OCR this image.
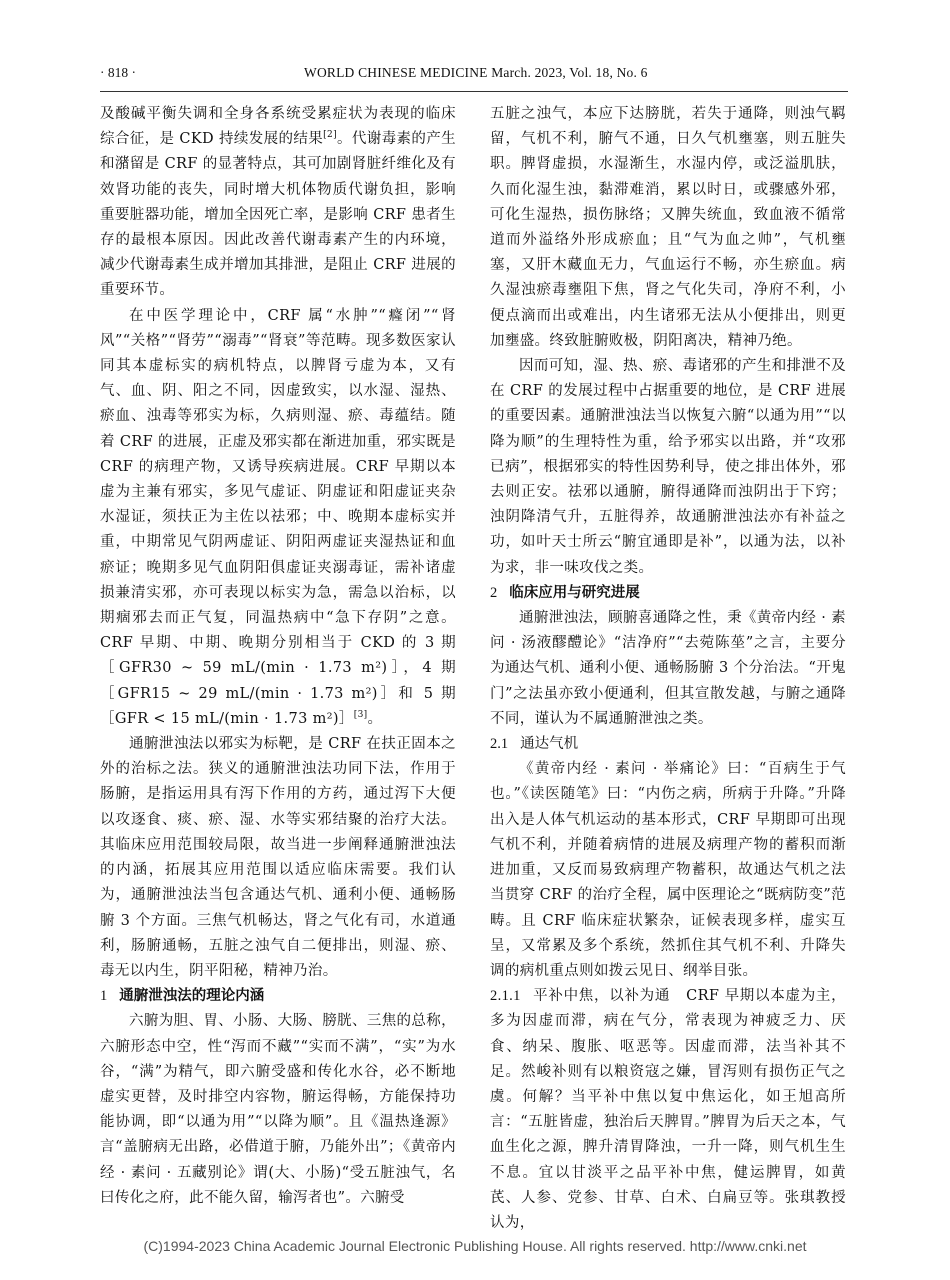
· 818 ·	WORLD CHINESE MEDICINE March. 2023, Vol. 18, No. 6

及酸碱平衡失调和全身各系统受累症状为表现的临床综合征，是 CKD 持续发展的结果[2]。代谢毒素的产生和潴留是 CRF 的显著特点，其可加剧肾脏纤维化及有效肾功能的丧失，同时增大机体物质代谢负担，影响重要脏器功能，增加全因死亡率，是影响 CRF 患者生存的最根本原因。因此改善代谢毒素产生的内环境，减少代谢毒素生成并增加其排泄，是阻止 CRF 进展的重要环节。

在中医学理论中，CRF 属“水肿”“癃闭”“肾风”“关格”“肾劳”“溺毒”“肾衰”等范畴。现多数医家认同其本虚标实的病机特点，以脾肾亏虚为本，又有气、血、阴、阳之不同，因虚致实，以水湿、湿热、瘀血、浊毒等邪实为标，久病则湿、瘀、毒蕴结。随着 CRF 的进展，正虚及邪实都在渐进加重，邪实既是 CRF 的病理产物，又诱导疾病进展。CRF 早期以本虚为主兼有邪实，多见气虚证、阴虚证和阳虚证夹杂水湿证，须扶正为主佐以祛邪；中、晚期本虚标实并重，中期常见气阴两虚证、阴阳两虚证夹湿热证和血瘀证；晚期多见气血阴阳俱虚证夹溺毒证，需补诸虚损兼清实邪，亦可表现以标实为急，需急以治标，以期痼邪去而正气复，同温热病中“急下存阴”之意。CRF 早期、中期、晚期分别相当于 CKD 的 3 期［GFR30 ~ 59 mL/(min · 1.73 m²)］，4 期［GFR15 ~ 29 mL/(min · 1.73 m²)］和 5 期［GFR < 15 mL/(min · 1.73 m²)］[3]。

通腑泄浊法以邪实为标靶，是 CRF 在扶正固本之外的治标之法。狭义的通腑泄浊法功同下法，作用于肠腑，是指运用具有泻下作用的方药，通过泻下大便以攻逐食、痰、瘀、湿、水等实邪结聚的治疗大法。其临床应用范围较局限，故当进一步阐释通腑泄浊法的内涵，拓展其应用范围以适应临床需要。我们认为，通腑泄浊法当包含通达气机、通利小便、通畅肠腑 3 个方面。三焦气机畅达，肾之气化有司，水道通利，肠腑通畅，五脏之浊气自二便排出，则湿、瘀、毒无以内生，阴平阳秘，精神乃治。

1 通腑泄浊法的理论内涵

六腑为胆、胃、小肠、大肠、膀胱、三焦的总称，六腑形态中空，性“泻而不藏”“实而不满”，“实”为水谷，“满”为精气，即六腑受盛和传化水谷，必不断地虚实更替，及时排空内容物，腑运得畅，方能保持功能协调，即“以通为用”“以降为顺”。且《温热逢源》言“盖腑病无出路，必借道于腑，乃能外出”；《黄帝内经 · 素问 · 五藏别论》谓(大、小肠)“受五脏浊气，名曰传化之府，此不能久留，输泻者也”。六腑受

五脏之浊气，本应下达膀胱，若失于通降，则浊气羁留，气机不利，腑气不通，日久气机壅塞，则五脏失职。脾肾虚损，水湿渐生，水湿内停，或泛溢肌肤，久而化湿生浊，黏滞难消，累以时日，或骤感外邪，可化生湿热，损伤脉络；又脾失统血，致血液不循常道而外溢络外形成瘀血；且“气为血之帅”，气机壅塞，又肝木藏血无力，气血运行不畅，亦生瘀血。病久湿浊瘀毒壅阻下焦，肾之气化失司，净府不利，小便点滴而出或难出，内生诸邪无法从小便排出，则更加壅盛。终致脏腑败极，阴阳离决，精神乃绝。

因而可知，湿、热、瘀、毒诸邪的产生和排泄不及在 CRF 的发展过程中占据重要的地位，是 CRF 进展的重要因素。通腑泄浊法当以恢复六腑“以通为用”“以降为顺”的生理特性为重，给予邪实以出路，并“攻邪已病”，根据邪实的特性因势利导，使之排出体外，邪去则正安。祛邪以通腑，腑得通降而浊阴出于下窍；浊阴降清气升，五脏得养，故通腑泄浊法亦有补益之功，如叶天士所云“腑宜通即是补”，以通为法，以补为求，非一味攻伐之类。

2 临床应用与研究进展

通腑泄浊法，顾腑喜通降之性，秉《黄帝内经 · 素问 · 汤液醪醴论》“洁净府”“去菀陈莝”之言，主要分为通达气机、通利小便、通畅肠腑 3 个分治法。“开鬼门”之法虽亦致小便通利，但其宣散发越，与腑之通降不同，谨认为不属通腑泄浊之类。

2.1 通达气机

《黄帝内经 · 素问 · 举痛论》曰：“百病生于气也。”《读医随笔》曰：“内伤之病，所病于升降。”升降出入是人体气机运动的基本形式，CRF 早期即可出现气机不利，并随着病情的进展及病理产物的蓄积而渐进加重，又反而易致病理产物蓄积，故通达气机之法当贯穿 CRF 的治疗全程，属中医理论之“既病防变”范畴。且 CRF 临床症状繁杂，证候表现多样，虚实互呈，又常累及多个系统，然抓住其气机不利、升降失调的病机重点则如拨云见日、纲举目张。

2.1.1 平补中焦，以补为通 CRF 早期以本虚为主，多为因虚而滞，病在气分，常表现为神疲乏力、厌食、纳呆、腹胀、呕恶等。因虚而滞，法当补其不足。然峻补则有以粮资寇之嫌，冒泻则有损伤正气之虞。何解？当平补中焦以复中焦运化，如王旭高所言：“五脏皆虚，独治后天脾胃。”脾胃为后天之本，气血生化之源，脾升清胃降浊，一升一降，则气机生生不息。宜以甘淡平之品平补中焦，健运脾胃，如黄芪、人参、党参、甘草、白术、白扁豆等。张琪教授认为，

(C)1994-2023 China Academic Journal Electronic Publishing House. All rights reserved. http://www.cnki.net
